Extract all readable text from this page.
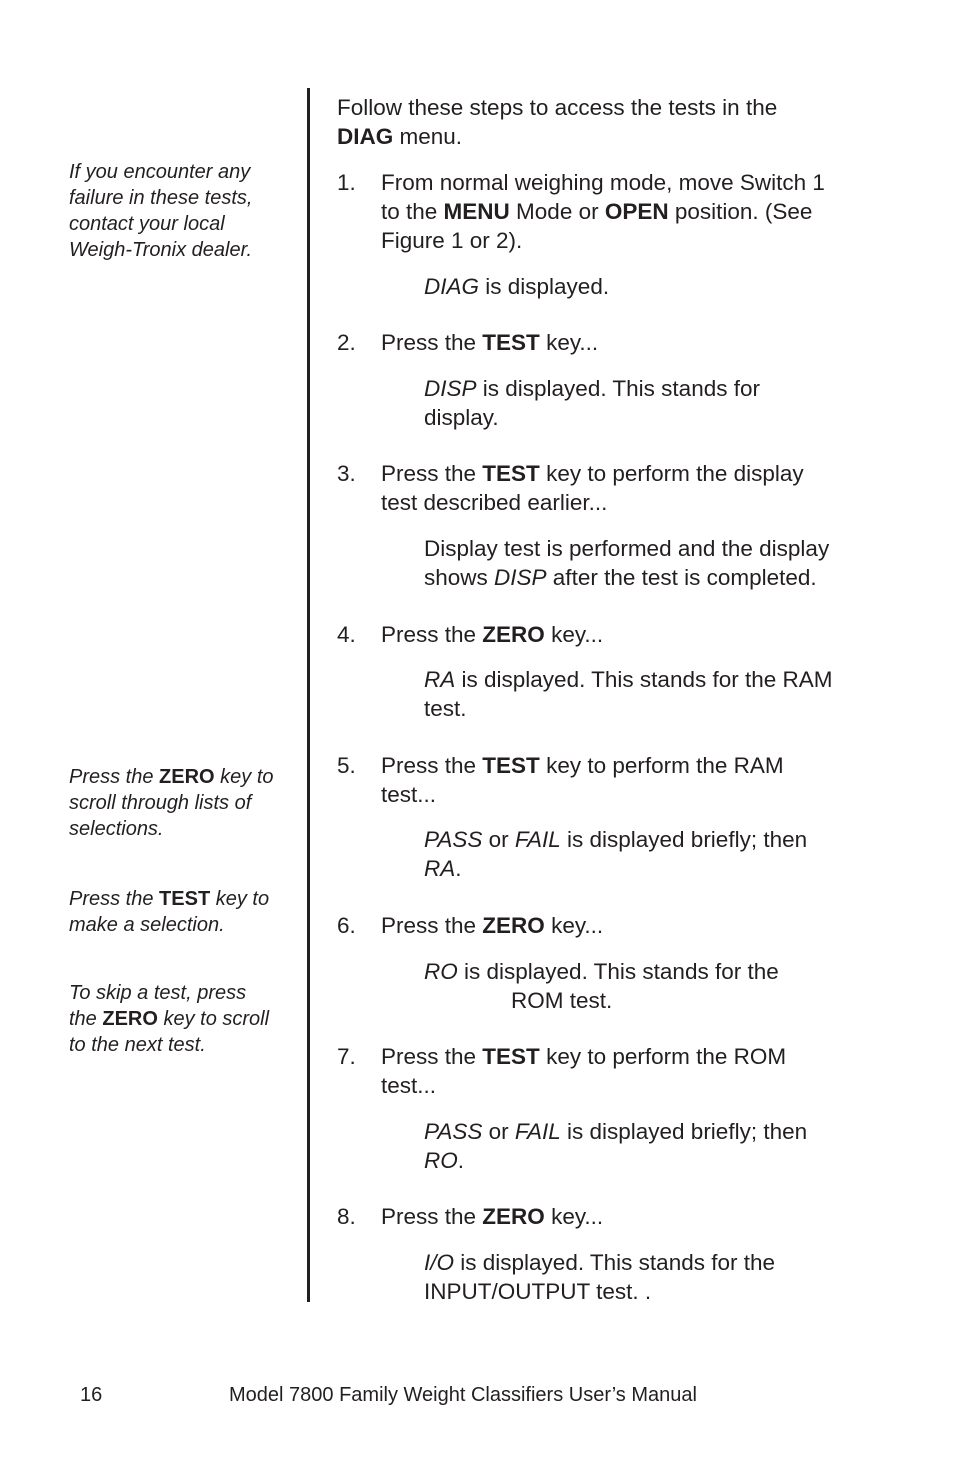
If you encounter any
failure in these tests,
contact your local
Weigh-Tronix dealer.
Press the ZERO key to
scroll through lists of
selections.
Press the TEST key to
make a selection.
To skip a test, press
the ZERO key to scroll
to the next test.
Follow these steps to access the tests in the
DIAG menu.
1. From normal weighing mode, move Switch 1
to the MENU Mode or OPEN position. (See
Figure 1 or 2).
DIAG is displayed.
2. Press the TEST key...
DISP is displayed. This stands for
display.
3. Press the TEST key to perform the display
test described earlier...
Display test is performed and the display
shows DISP after the test is completed.
4. Press the ZERO key...
RA is displayed. This stands for the RAM
test.
5. Press the TEST key to perform the RAM
test...
PASS or FAIL is displayed briefly; then
RA.
6. Press the ZERO key...
RO is displayed. This stands for the
ROM test.
7. Press the TEST key to perform the ROM
test...
PASS or FAIL is displayed briefly; then
RO.
8. Press the ZERO key...
I/O is displayed. This stands for the
INPUT/OUTPUT test. .
16	Model 7800 Family Weight Classifiers User’s Manual
